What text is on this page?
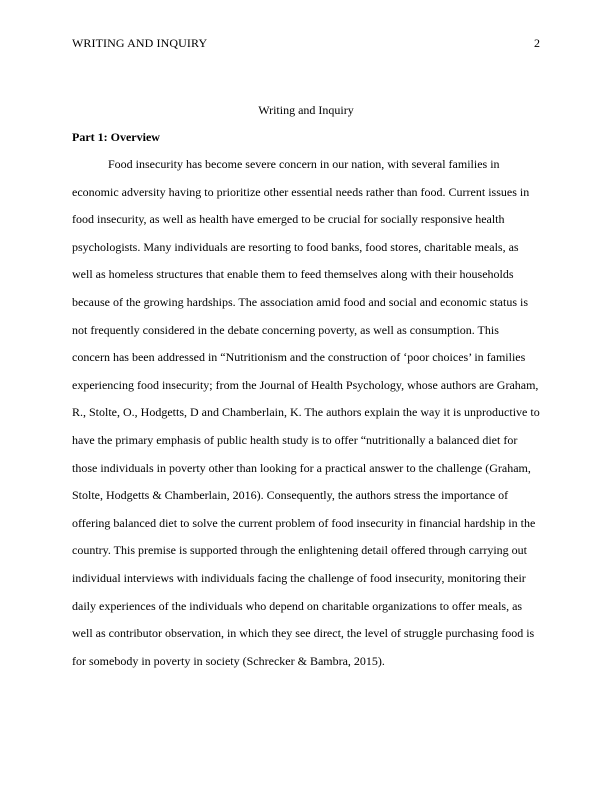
WRITING AND INQUIRY	2
Writing and Inquiry
Part 1: Overview
Food insecurity has become severe concern in our nation, with several families in
economic adversity having to prioritize other essential needs rather than food. Current issues in
food insecurity, as well as health have emerged to be crucial for socially responsive health
psychologists. Many individuals are resorting to food banks, food stores, charitable meals, as
well as homeless structures that enable them to feed themselves along with their households
because of the growing hardships. The association amid food and social and economic status is
not frequently considered in the debate concerning poverty, as well as consumption. This
concern has been addressed in “Nutritionism and the construction of ‘poor choices’ in families
experiencing food insecurity; from the Journal of Health Psychology, whose authors are Graham,
R., Stolte, O., Hodgetts, D and Chamberlain, K. The authors explain the way it is unproductive to
have the primary emphasis of public health study is to offer “nutritionally a balanced diet for
those individuals in poverty other than looking for a practical answer to the challenge (Graham,
Stolte, Hodgetts & Chamberlain, 2016). Consequently, the authors stress the importance of
offering balanced diet to solve the current problem of food insecurity in financial hardship in the
country. This premise is supported through the enlightening detail offered through carrying out
individual interviews with individuals facing the challenge of food insecurity, monitoring their
daily experiences of the individuals who depend on charitable organizations to offer meals, as
well as contributor observation, in which they see direct, the level of struggle purchasing food is
for somebody in poverty in society (Schrecker & Bambra, 2015).
